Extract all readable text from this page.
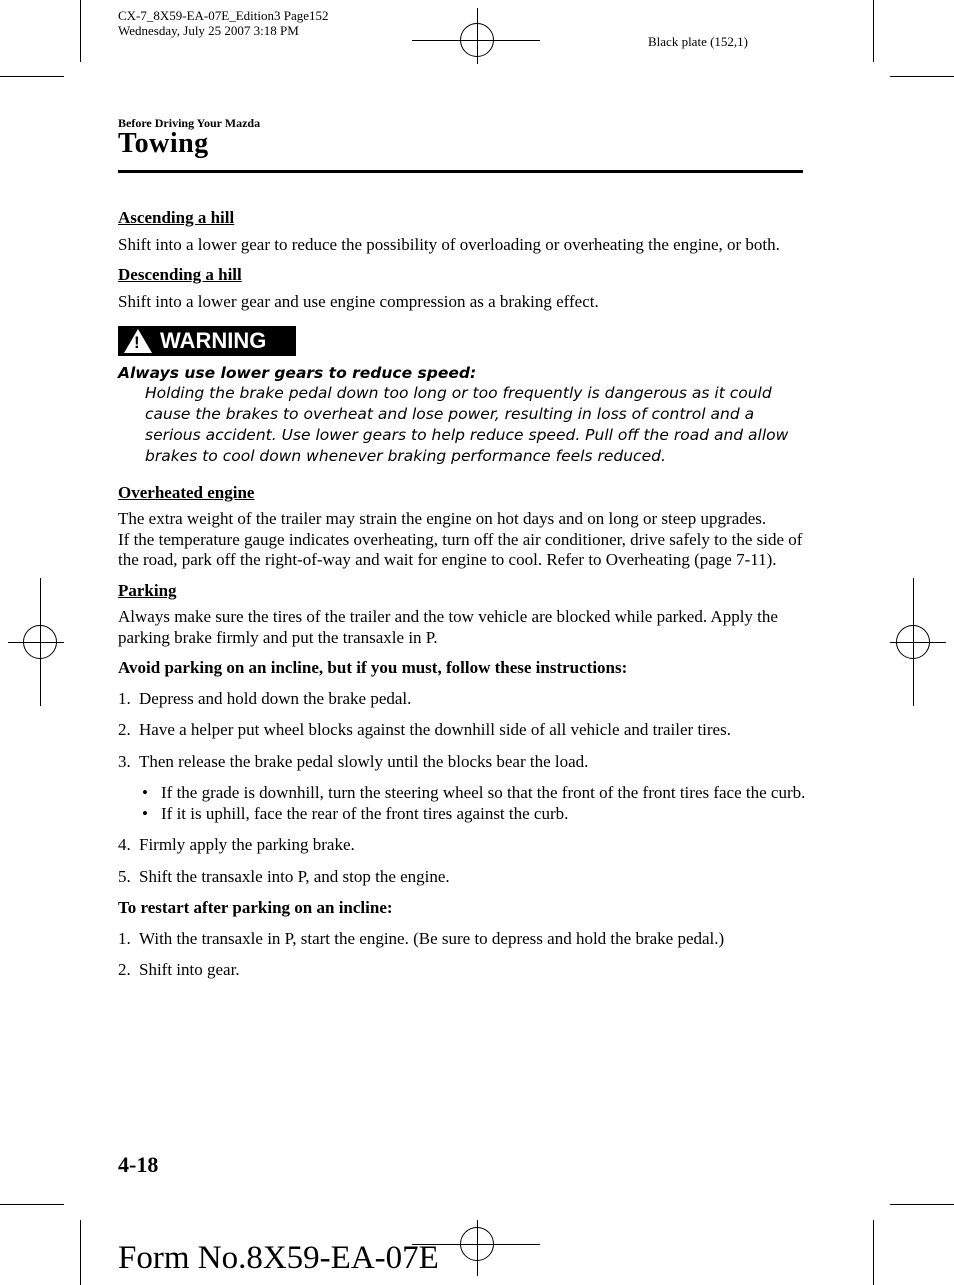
CX-7_8X59-EA-07E_Edition3 Page152
Wednesday, July 25 2007 3:18 PM
Black plate (152,1)
Before Driving Your Mazda
Towing
Ascending a hill

Shift into a lower gear to reduce the possibility of overloading or overheating the engine, or both.

Descending a hill

Shift into a lower gear and use engine compression as a braking effect.

! WARNING
Always use lower gears to reduce speed:
Holding the brake pedal down too long or too frequently is dangerous as it could cause the brakes to overheat and lose power, resulting in loss of control and a serious accident. Use lower gears to help reduce speed. Pull off the road and allow brakes to cool down whenever braking performance feels reduced.
Overheated engine
The extra weight of the trailer may strain the engine on hot days and on long or steep upgrades.

If the temperature gauge indicates overheating, turn off the air conditioner, drive safely to the side of the road, park off the right-of-way and wait for engine to cool. Refer to Overheating (page 7-11).

Parking

Always make sure the tires of the trailer and the tow vehicle are blocked while parked. Apply the parking brake firmly and put the transaxle in P.

Avoid parking on an incline, but if you must, follow these instructions:

1. Depress and hold down the brake pedal.
2. Have a helper put wheel blocks against the downhill side of all vehicle and trailer tires.
3. Then release the brake pedal slowly until the blocks bear the load.
• If the grade is downhill, turn the steering wheel so that the front of the front tires face the curb.
• If it is uphill, face the rear of the front tires against the curb.
4. Firmly apply the parking brake.
5. Shift the transaxle into P, and stop the engine.

To restart after parking on an incline:

1. With the transaxle in P, start the engine. (Be sure to depress and hold the brake pedal.)
2. Shift into gear.
4-18
Form No.8X59-EA-07E
